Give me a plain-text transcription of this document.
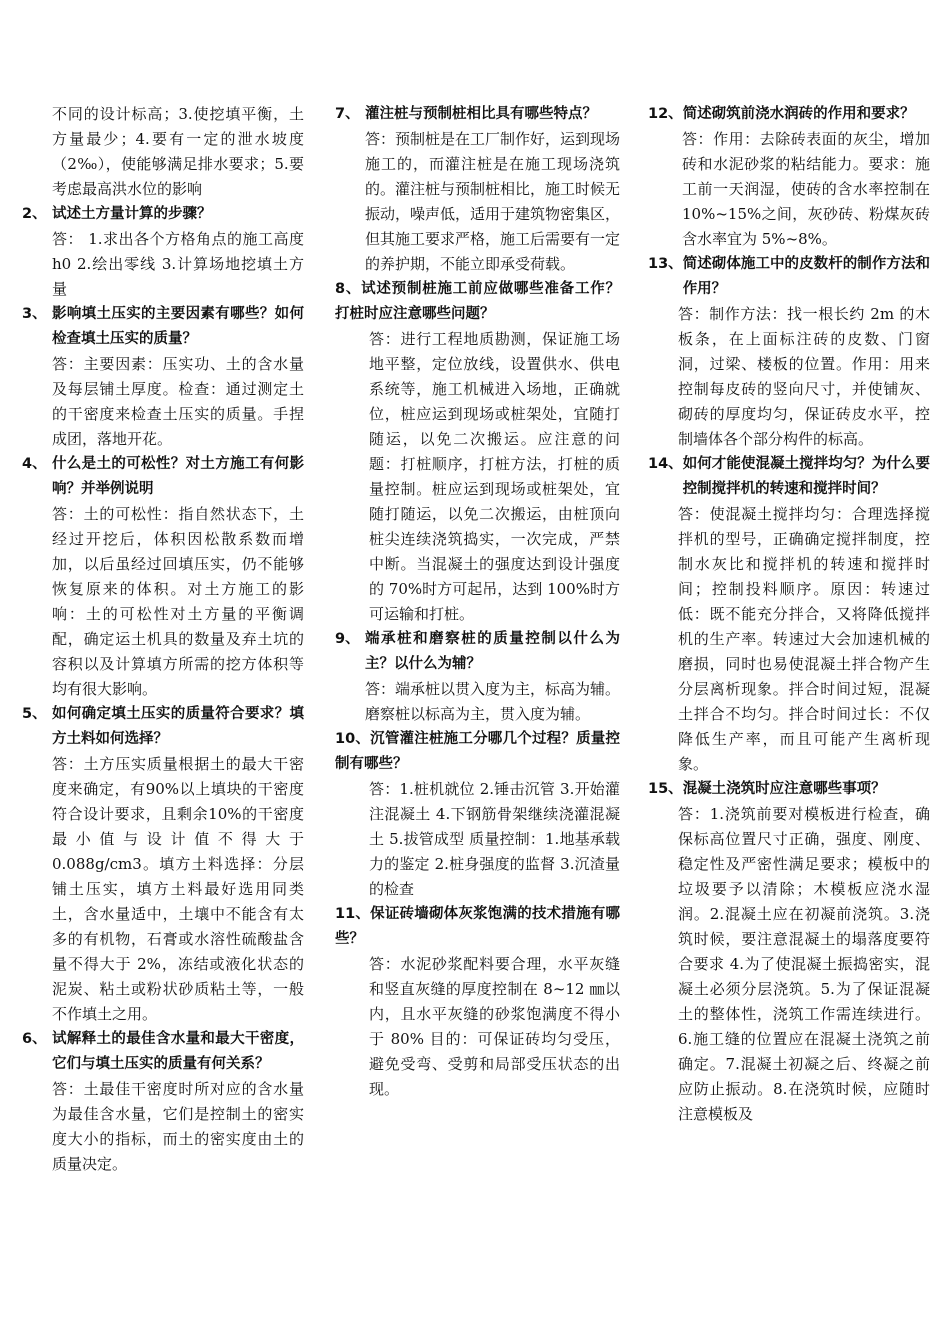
不同的设计标高；3.使挖填平衡，土方量最少；4.要有一定的泄水坡度（2‰），使能够满足排水要求；5.要考虑最高洪水位的影响
2、 试述土方量计算的步骤？
答： 1.求出各个方格角点的施工高度 h0 2.绘出零线 3.计算场地挖填土方量
3、 影响填土压实的主要因素有哪些？如何检查填土压实的质量？
答：主要因素：压实功、土的含水量及每层铺土厚度。检查：通过测定土的干密度来检查土压实的质量。手捏成团，落地开花。
4、 什么是土的可松性？对土方施工有何影响？并举例说明
答：土的可松性：指自然状态下，土经过开挖后，体积因松散系数而增加，以后虽经过回填压实，仍不能够恢复原来的体积。对土方施工的影响：土的可松性对土方量的平衡调配，确定运土机具的数量及弃土坑的容积以及计算填方所需的挖方体积等均有很大影响。
5、 如何确定填土压实的质量符合要求？填方土料如何选择？
答：土方压实质量根据土的最大干密度来确定，有90%以上填块的干密度符合设计要求，且剩余10%的干密度最小值与设计值不得大于0.088g/cm3。填方土料选择：分层铺土压实，填方土料最好选用同类土，含水量适中，土壤中不能含有太多的有机物，石膏或水溶性硫酸盐含量不得大于 2%，冻结或液化状态的泥炭、粘土或粉状砂质粘土等，一般不作填土之用。
6、 试解释土的最佳含水量和最大干密度，它们与填土压实的质量有何关系？
答：土最佳干密度时所对应的含水量为最佳含水量，它们是控制土的密实度大小的指标，而土的密实度由土的质量决定。
7、 灌注桩与预制桩相比具有哪些特点？
答：预制桩是在工厂制作好，运到现场施工的，而灌注桩是在施工现场浇筑的。灌注桩与预制桩相比，施工时候无振动，噪声低，适用于建筑物密集区，但其施工要求严格，施工后需要有一定的养护期，不能立即承受荷载。
8、试述预制桩施工前应做哪些准备工作？打桩时应注意哪些问题？
答：进行工程地质勘测，保证施工场地平整，定位放线，设置供水、供电系统等，施工机械进入场地，正确就位，桩应运到现场或桩架处，宜随打随运，以免二次搬运。应注意的问题：打桩顺序，打桩方法，打桩的质量控制。桩应运到现场或桩架处，宜随打随运，以免二次搬运，由桩顶向桩尖连续浇筑捣实，一次完成，严禁中断。当混凝土的强度达到设计强度的 70%时方可起吊，达到 100%时方可运输和打桩。
9、 端承桩和磨察桩的质量控制以什么为主？以什么为辅？
答：端承桩以贯入度为主，标高为辅。磨察桩以标高为主，贯入度为辅。
10、沉管灌注桩施工分哪几个过程？质量控制有哪些？
答：1.桩机就位 2.锤击沉管 3.开始灌注混凝土 4.下钢筋骨架继续浇灌混凝土 5.拔管成型 质量控制：1.地基承载力的鉴定 2.桩身强度的监督 3.沉渣量的检查
11、保证砖墙砌体灰浆饱满的技术措施有哪些？
答：水泥砂浆配料要合理，水平灰缝和竖直灰缝的厚度控制在 8~12 ㎜以内，且水平灰缝的砂浆饱满度不得小于 80% 目的：可保证砖均匀受压，避免受弯、受剪和局部受压状态的出现。
12、简述砌筑前浇水润砖的作用和要求？
答：作用：去除砖表面的灰尘，增加砖和水泥砂浆的粘结能力。要求：施工前一天润湿，使砖的含水率控制在 10%~15%之间，灰砂砖、粉煤灰砖含水率宜为 5%~8%。
13、 简述砌体施工中的皮数杆的制作方法和作用？
答：制作方法：找一根长约 2m 的木板条，在上面标注砖的皮数、门窗洞，过梁、楼板的位置。作用：用来控制每皮砖的竖向尺寸，并使铺灰、砌砖的厚度均匀，保证砖皮水平，控制墙体各个部分构件的标高。
14、 如何才能使混凝土搅拌均匀？为什么要控制搅拌机的转速和搅拌时间？
答：使混凝土搅拌均匀：合理选择搅拌机的型号，正确确定搅拌制度，控制水灰比和搅拌机的转速和搅拌时间；控制投料顺序。原因：转速过低：既不能充分拌合，又将降低搅拌机的生产率。转速过大会加速机械的磨损，同时也易使混凝土拌合物产生分层离析现象。拌合时间过短，混凝土拌合不均匀。拌合时间过长：不仅降低生产率，而且可能产生离析现象。
15、 混凝土浇筑时应注意哪些事项？
答：1.浇筑前要对模板进行检查，确保标高位置尺寸正确，强度、刚度、稳定性及严密性满足要求；模板中的垃圾要予以清除；木模板应浇水湿润。2.混凝土应在初凝前浇筑。3.浇筑时候，要注意混凝土的塌落度要符合要求 4.为了使混凝土振捣密实，混凝土必须分层浇筑。5.为了保证混凝土的整体性，浇筑工作需连续进行。6.施工缝的位置应在混凝土浇筑之前确定。7.混凝土初凝之后、终凝之前应防止振动。8.在浇筑时候，应随时注意模板及
